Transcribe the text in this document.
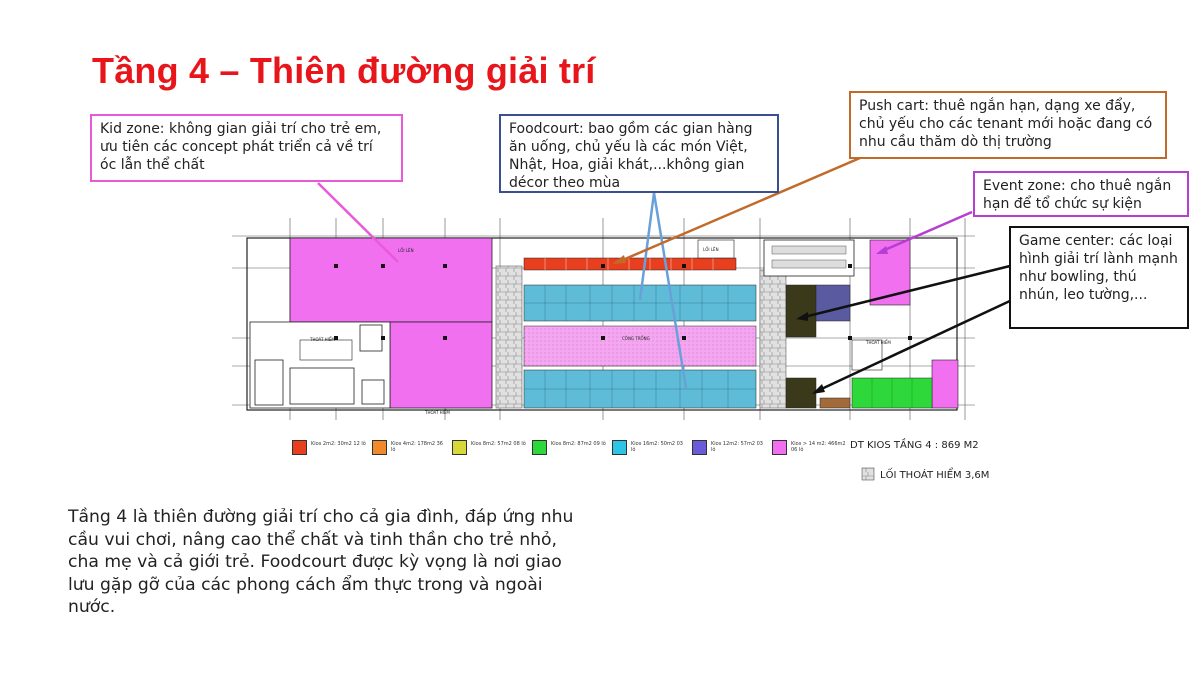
Tầng 4 – Thiên đường giải trí
LỐI LÊN	LỐI LÊN
THOÁT HIỂM
THOÁT HIỂM
THOÁT HIỂM
CÔNG TRỐNG
Kid zone: không gian giải trí cho trẻ em, ưu tiên các concept phát triển cả về trí óc lẫn thể chất
Foodcourt: bao gồm các gian hàng ăn uống, chủ yếu là các món Việt, Nhật, Hoa, giải khát,...không gian décor theo mùa
Push cart: thuê ngắn hạn, dạng xe đẩy, chủ yếu cho các tenant mới hoặc đang có nhu cầu thăm dò thị trường
Event zone: cho thuê ngắn hạn để tổ chức sự kiện
Game center: các loại hình giải trí lành mạnh như bowling, thú nhún, leo tường,...
Kios 2m2: 30m2 12 lô	Kios 4m2: 178m2 36 lô
Kios 8m2: 57m2 08 lô	Kios 8m2: 87m2 09 lô	Kios 16m2: 50m2 03 lô
Kios 12m2: 57m2 03 lô
Kios > 14 m2: 466m2 06 lô	DT KIOS TẦNG 4 : 869 M2
LỐI THOÁT HIỂM 3,6M
Tầng 4 là thiên đường giải trí cho cả gia đình, đáp ứng nhu cầu vui chơi, nâng cao thể chất và tinh thần cho trẻ nhỏ, cha mẹ và cả giới trẻ. Foodcourt được kỳ vọng là nơi giao lưu gặp gỡ của các phong cách ẩm thực trong và ngoài nước.
